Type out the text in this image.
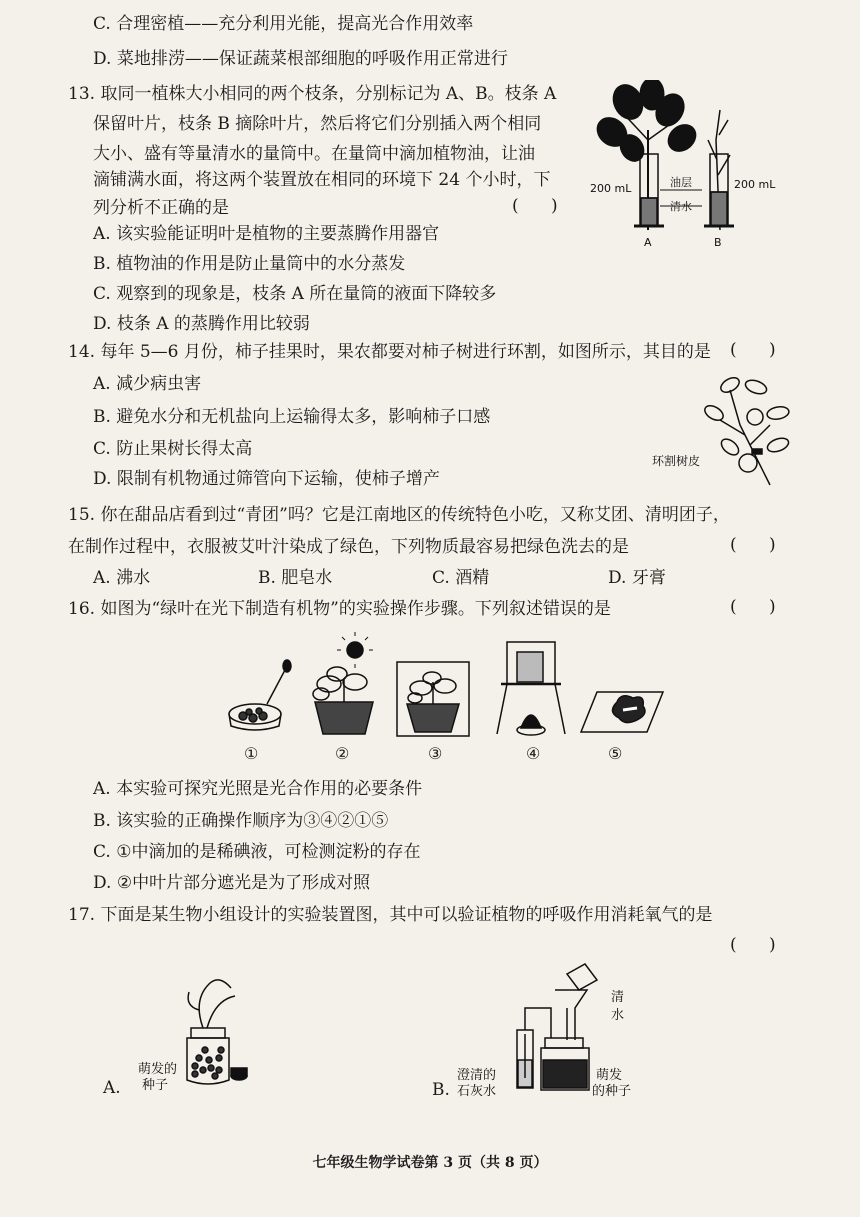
C. 合理密植——充分利用光能，提高光合作用效率
D. 菜地排涝——保证蔬菜根部细胞的呼吸作用正常进行
13. 取同一植株大小相同的两个枝条，分别标记为 A、B。枝条 A
保留叶片，枝条 B 摘除叶片，然后将它们分别插入两个相同
大小、盛有等量清水的量筒中。在量筒中滴加植物油，让油
滴铺满水面，将这两个装置放在相同的环境下 24 个小时，下
列分析不正确的是	(      )
A. 该实验能证明叶是植物的主要蒸腾作用器官
B. 植物油的作用是防止量筒中的水分蒸发
C. 观察到的现象是，枝条 A 所在量筒的液面下降较多
D. 枝条 A 的蒸腾作用比较弱
200 mL	油层
清水
200 mL
A	B
14. 每年 5—6 月份，柿子挂果时，果农都要对柿子树进行环割，如图所示，其目的是 (      )
A. 减少病虫害
B. 避免水分和无机盐向上运输得太多，影响柿子口感
C. 防止果树长得太高
D. 限制有机物通过筛管向下运输，使柿子增产
环割树皮
15. 你在甜品店看到过“青团”吗？它是江南地区的传统特色小吃，又称艾团、清明团子，
在制作过程中，衣服被艾叶汁染成了绿色，下列物质最容易把绿色洗去的是	(      )
A. 沸水	B. 肥皂水	C. 酒精	D. 牙膏
16. 如图为“绿叶在光下制造有机物”的实验操作步骤。下列叙述错误的是	(      )
①	②	③	④	⑤
A. 本实验可探究光照是光合作用的必要条件
B. 该实验的正确操作顺序为③④②①⑤
C. ①中滴加的是稀碘液，可检测淀粉的存在
D. ②中叶片部分遮光是为了形成对照
17. 下面是某生物小组设计的实验装置图，其中可以验证植物的呼吸作用消耗氧气的是
(      )
萌发的
种子
A.
清
水
澄清的
石灰水
萌发
的种子
B.
七年级生物学试卷第 3 页（共 8 页）
